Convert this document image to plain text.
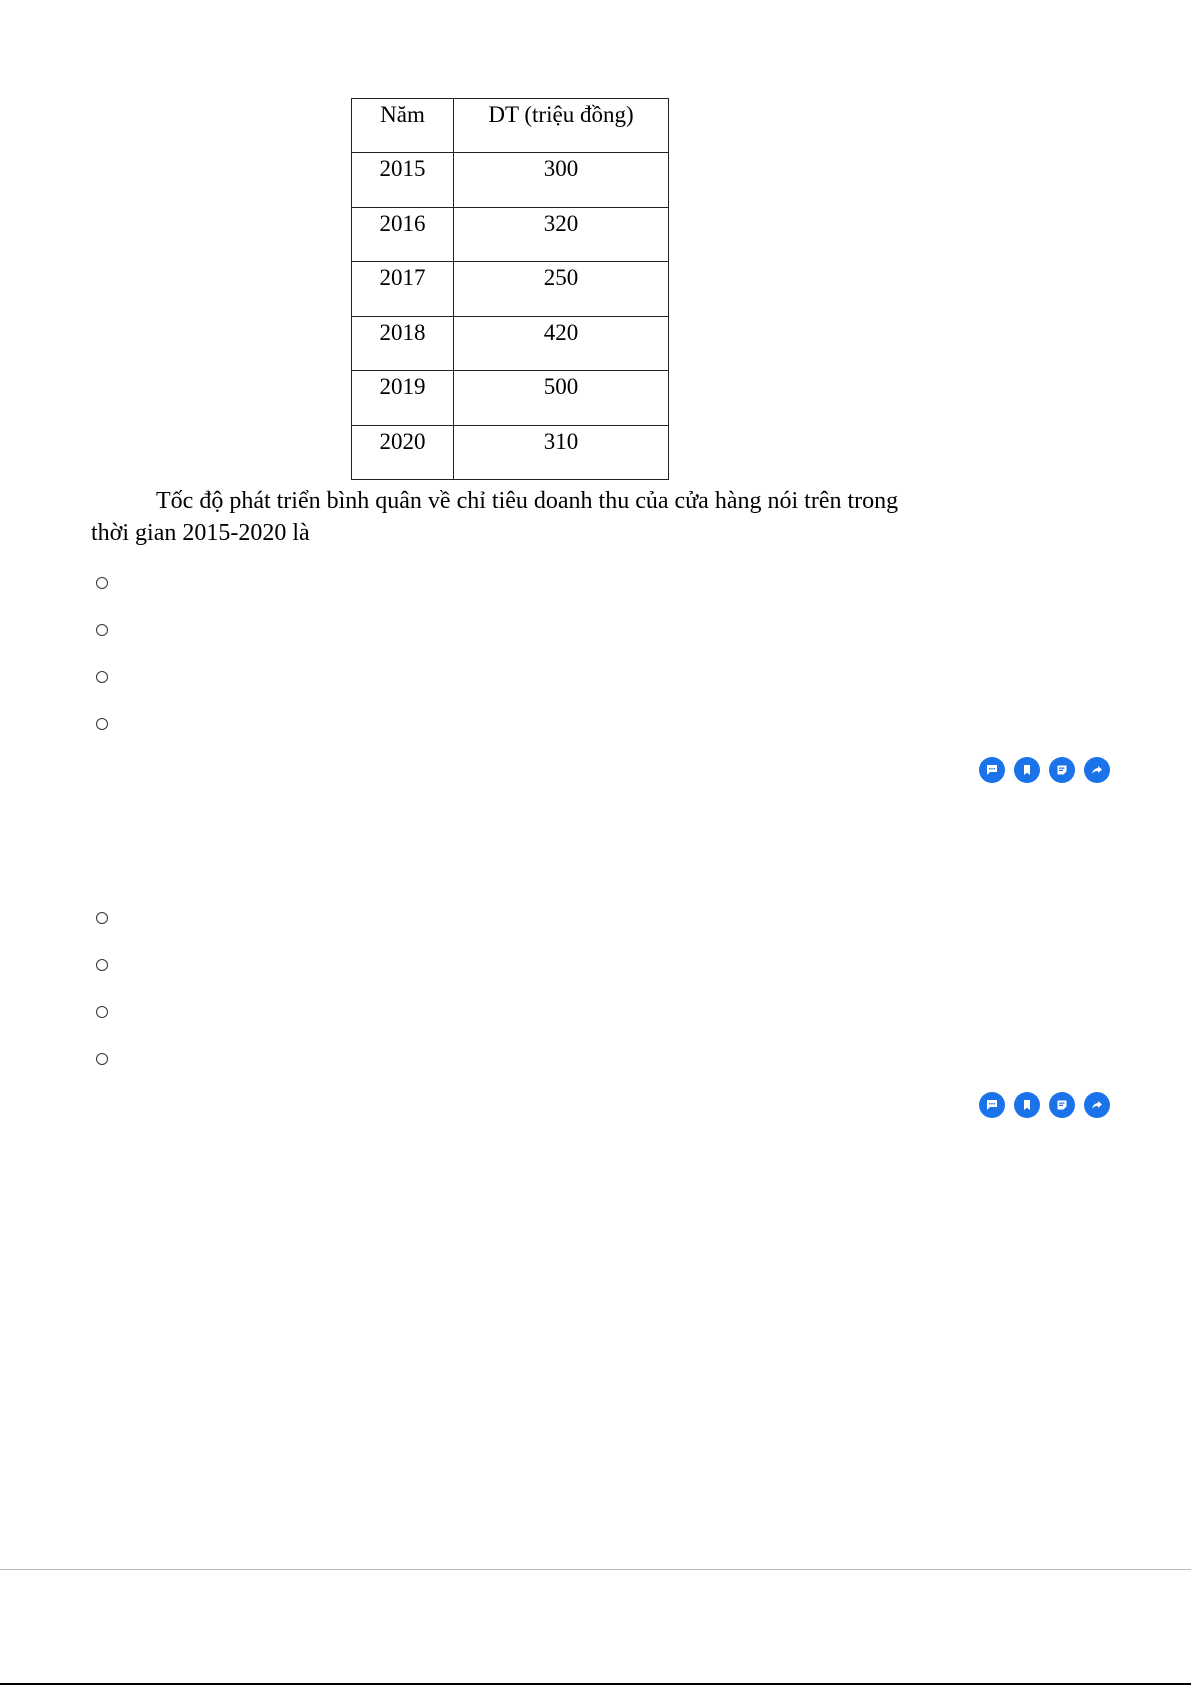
Năm	DT (triệu đồng)
2015	300
2016	320
2017	250
2018	420
2019	500
2020	310
Tốc độ phát triển bình quân về chỉ tiêu doanh thu của cửa hàng nói trên trong
thời gian 2015-2020 là
